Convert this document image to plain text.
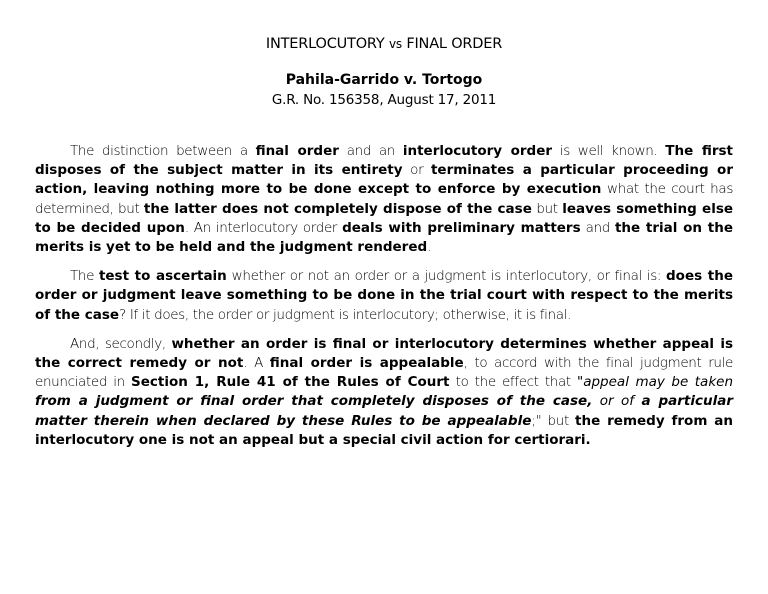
INTERLOCUTORY vs FINAL ORDER
Pahila-Garrido v. Tortogo
G.R. No. 156358, August 17, 2011

The distinction between a final order and an interlocutory order is well known. The first disposes of the subject matter in its entirety or terminates a particular proceeding or action, leaving nothing more to be done except to enforce by execution what the court has determined, but the latter does not completely dispose of the case but leaves something else to be decided upon. An interlocutory order deals with preliminary matters and the trial on the merits is yet to be held and the judgment rendered.

The test to ascertain whether or not an order or a judgment is interlocutory, or final is: does the order or judgment leave something to be done in the trial court with respect to the merits of the case? If it does, the order or judgment is interlocutory; otherwise, it is final.

And, secondly, whether an order is final or interlocutory determines whether appeal is the correct remedy or not. A final order is appealable, to accord with the final judgment rule enunciated in Section 1, Rule 41 of the Rules of Court to the effect that "appeal may be taken from a judgment or final order that completely disposes of the case, or of a particular matter therein when declared by these Rules to be appealable;" but the remedy from an interlocutory one is not an appeal but a special civil action for certiorari.
